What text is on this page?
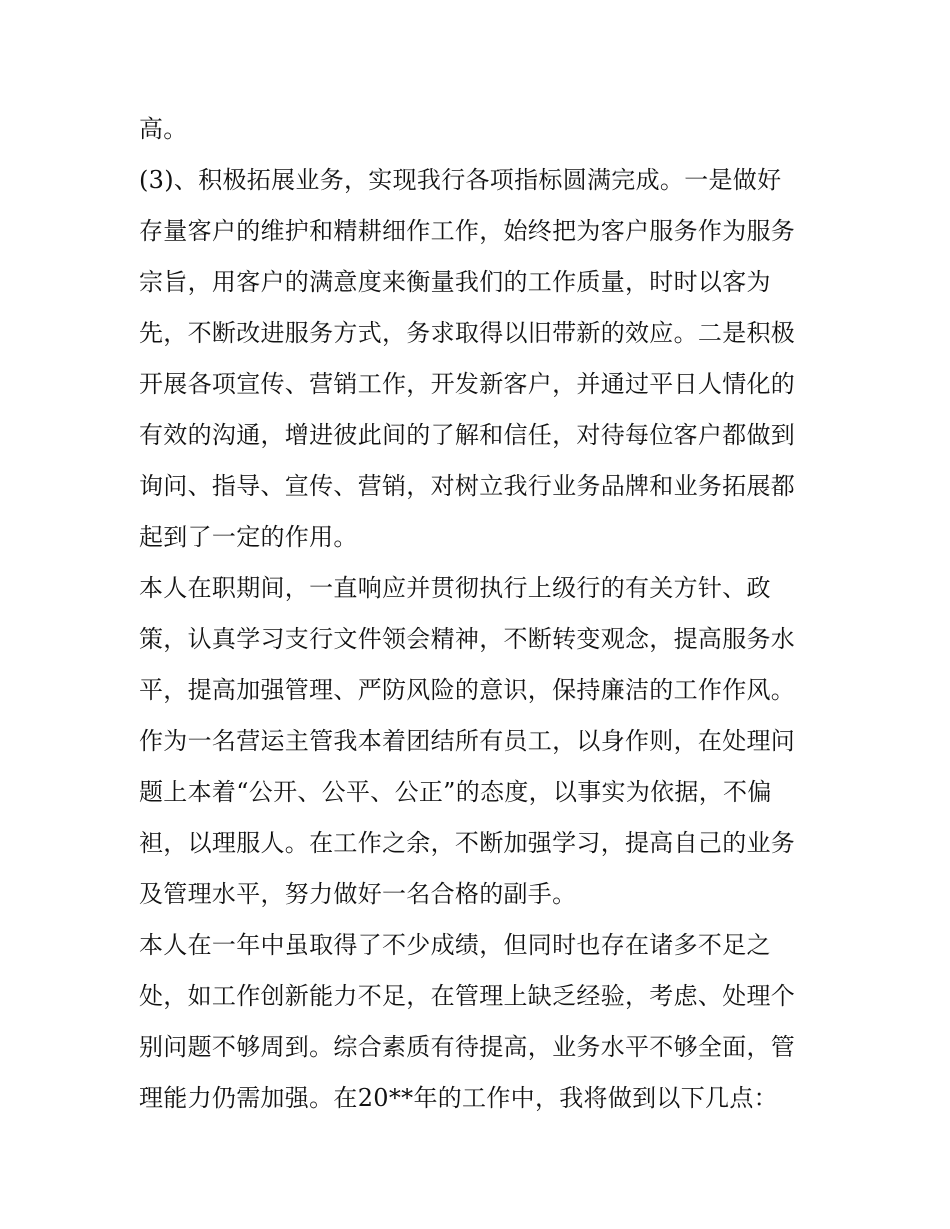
高。
(3)、积极拓展业务，实现我行各项指标圆满完成。一是做好
存量客户的维护和精耕细作工作，始终把为客户服务作为服务
宗旨，用客户的满意度来衡量我们的工作质量，时时以客为
先，不断改进服务方式，务求取得以旧带新的效应。二是积极
开展各项宣传、营销工作，开发新客户，并通过平日人情化的
有效的沟通，增进彼此间的了解和信任，对待每位客户都做到
询问、指导、宣传、营销，对树立我行业务品牌和业务拓展都
起到了一定的作用。
本人在职期间，一直响应并贯彻执行上级行的有关方针、政
策，认真学习支行文件领会精神，不断转变观念，提高服务水
平，提高加强管理、严防风险的意识，保持廉洁的工作作风。
作为一名营运主管我本着团结所有员工，以身作则，在处理问
题上本着“公开、公平、公正”的态度，以事实为依据，不偏
袒，以理服人。在工作之余，不断加强学习，提高自己的业务
及管理水平，努力做好一名合格的副手。
本人在一年中虽取得了不少成绩，但同时也存在诸多不足之
处，如工作创新能力不足，在管理上缺乏经验，考虑、处理个
别问题不够周到。综合素质有待提高，业务水平不够全面，管
理能力仍需加强。在20**年的工作中，我将做到以下几点：
